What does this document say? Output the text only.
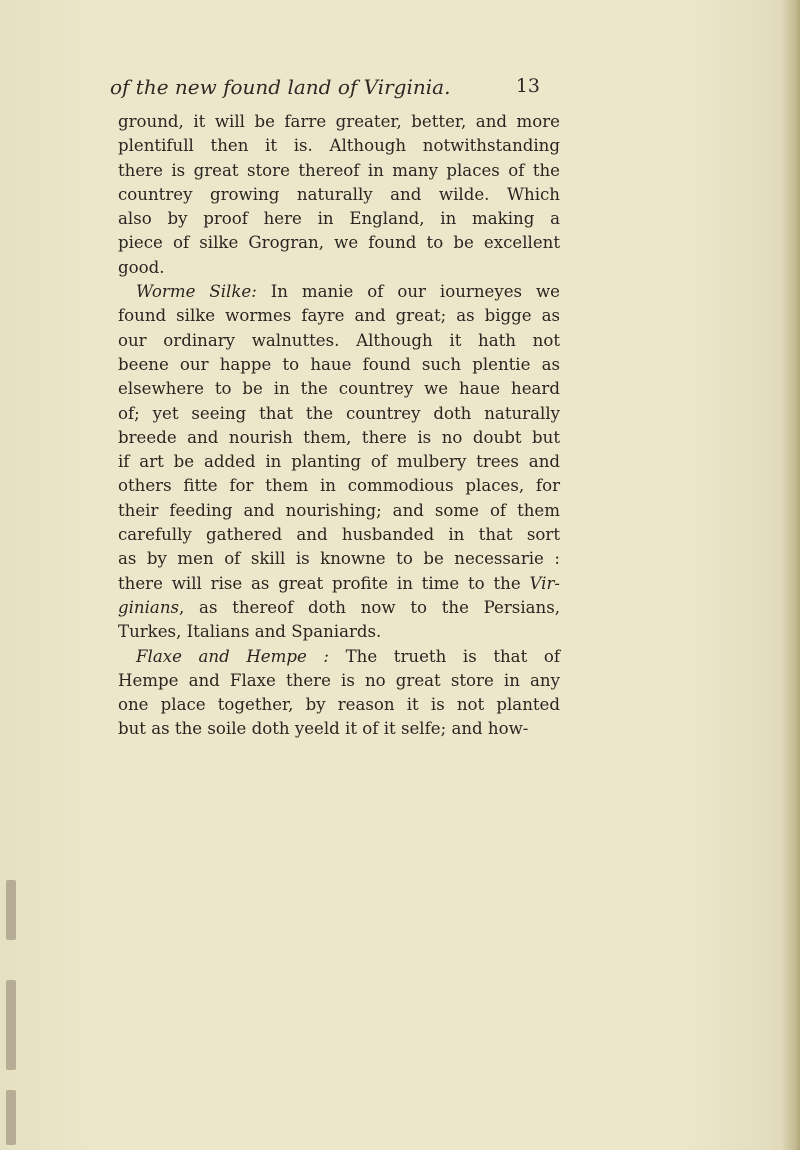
of the new found land of Virginia.	13
ground, it will be farre greater, better, and more
plentifull then it is. Although notwithstanding
there is great store thereof in many places of the
countrey growing naturally and wilde. Which
also by proof here in England, in making a
piece of silke Grogran, we found to be excellent
good.
Worme Silke: In manie of our iourneyes we
found silke wormes fayre and great; as bigge as
our ordinary walnuttes. Although it hath not
beene our happe to haue found such plentie as
elsewhere to be in the countrey we haue heard
of; yet seeing that the countrey doth naturally
breede and nourish them, there is no doubt but
if art be added in planting of mulbery trees and
others fitte for them in commodious places, for
their feeding and nourishing; and some of them
carefully gathered and husbanded in that sort
as by men of skill is knowne to be necessarie :
there will rise as great profite in time to the Vir-
ginians, as thereof doth now to the Persians,
Turkes, Italians and Spaniards.
Flaxe and Hempe : The trueth is that of
Hempe and Flaxe there is no great store in any
one place together, by reason it is not planted
but as the soile doth yeeld it of it selfe; and how-
